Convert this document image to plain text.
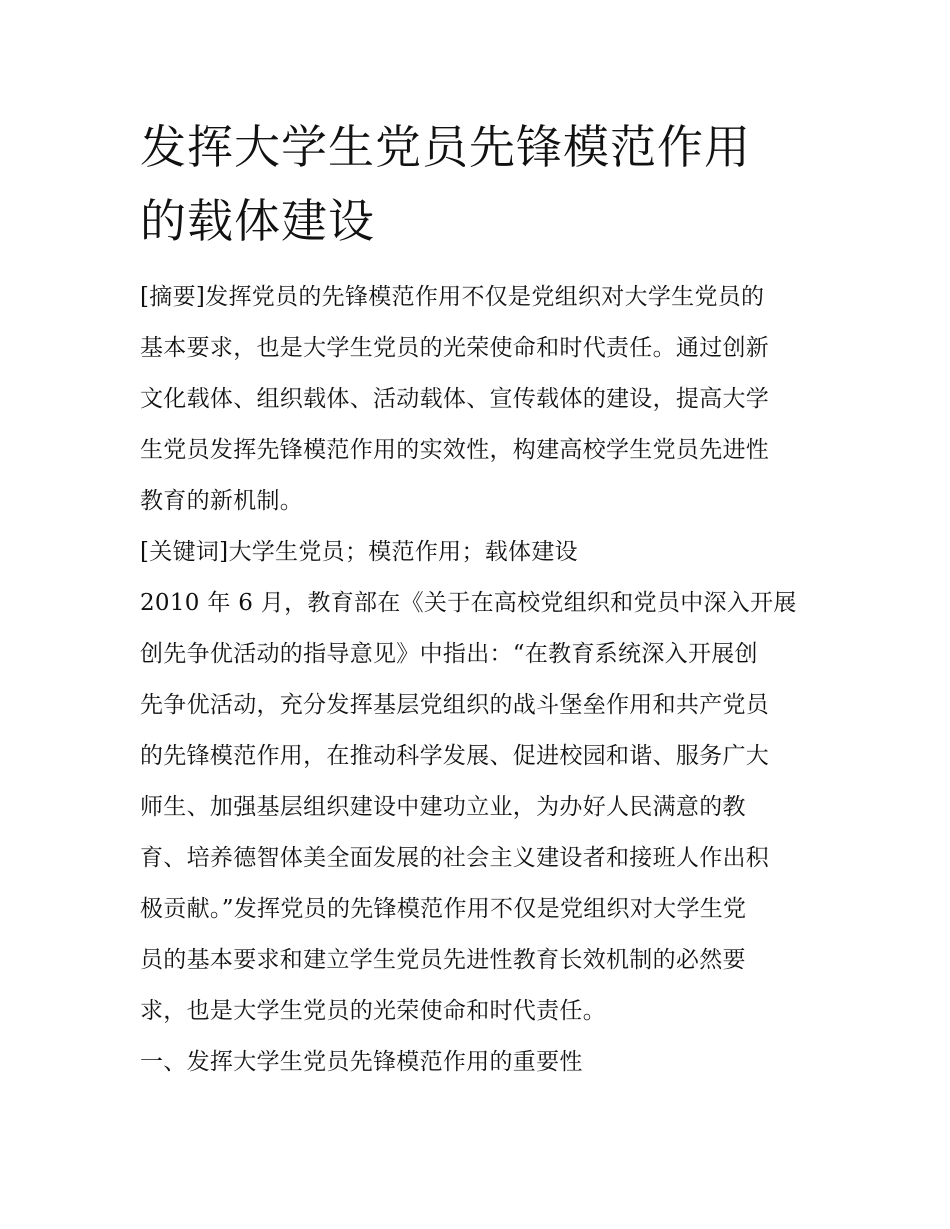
发挥大学生党员先锋模范作用
的载体建设
[摘要]发挥党员的先锋模范作用不仅是党组织对大学生党员的
基本要求，也是大学生党员的光荣使命和时代责任。通过创新
文化载体、组织载体、活动载体、宣传载体的建设，提高大学
生党员发挥先锋模范作用的实效性，构建高校学生党员先进性
教育的新机制。
[关键词]大学生党员；模范作用；载体建设
2010 年 6 月，教育部在《关于在高校党组织和党员中深入开展
创先争优活动的指导意见》中指出：“在教育系统深入开展创
先争优活动，充分发挥基层党组织的战斗堡垒作用和共产党员
的先锋模范作用，在推动科学发展、促进校园和谐、服务广大
师生、加强基层组织建设中建功立业，为办好人民满意的教
育、培养德智体美全面发展的社会主义建设者和接班人作出积
极贡献。”发挥党员的先锋模范作用不仅是党组织对大学生党
员的基本要求和建立学生党员先进性教育长效机制的必然要
求，也是大学生党员的光荣使命和时代责任。
一、发挥大学生党员先锋模范作用的重要性
